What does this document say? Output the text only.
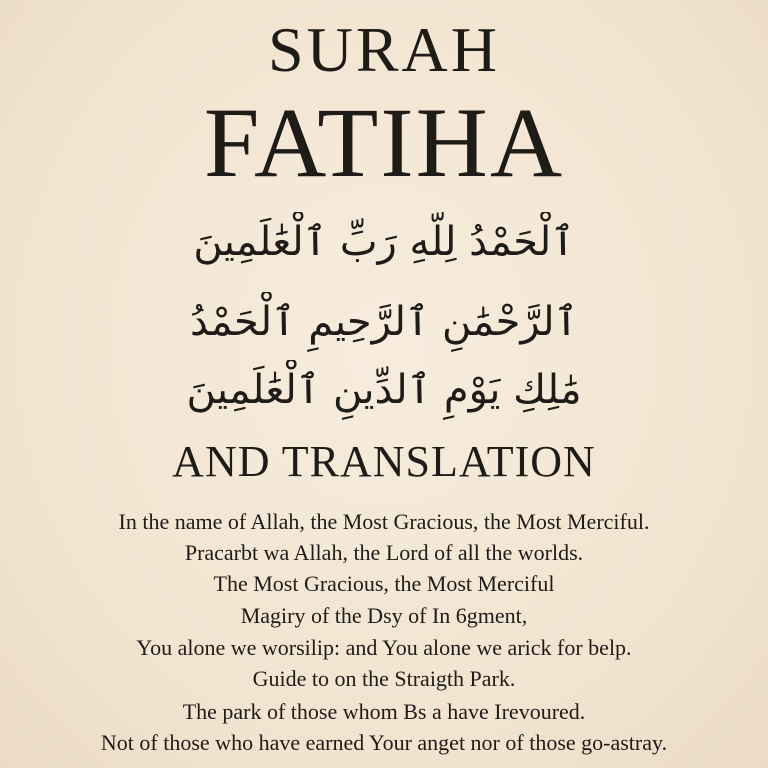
SURAH
FATIHA
ٱلْحَمْدُ لِلَّهِ رَبِّ ٱلْعَٰلَمِينَ
ٱلرَّحْمَٰنِ ٱلرَّحِيمِ ٱلْحَمْدُ
مَٰلِكِ يَوْمِ ٱلدِّينِ ٱلْعَٰلَمِينَ
AND TRANSLATION
In the name of Allah, the Most Gracious, the Most Merciful.
Pracarbt wa Allah, the Lord of all the worlds.
The Most Gracious, the Most Merciful
Magiry of the Dsy of In 6gment,
You alone we worsilip: and You alone we arick for belp.
Guide to on the Straigth Park.
The park of those whom Bs a have Irevoured.
Not of those who have earned Your anget nor of those go-astray.
